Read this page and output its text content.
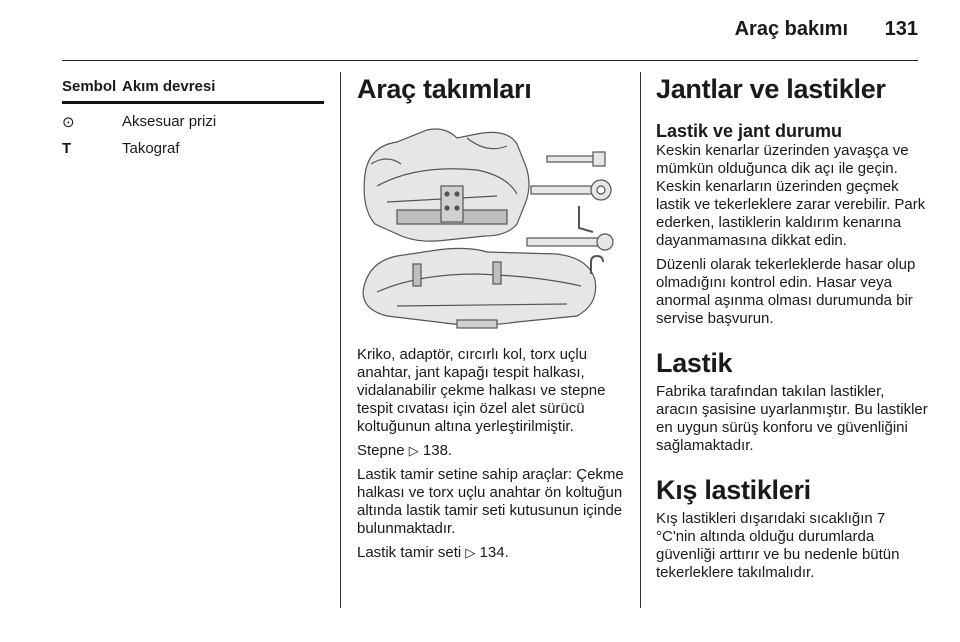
Araç bakımı 131
Sembol Akım devresi
⊙	Aksesuar prizi
T	Takograf
Araç takımları

Kriko, adaptör, cırcırlı kol, torx uçlu anahtar, jant kapağı tespit halkası, vidalanabilir çekme halkası ve stepne tespit cıvatası için özel alet sürücü koltuğunun altına yerleştirilmiştir.

Stepne ▷ 138.

Lastik tamir setine sahip araçlar: Çekme halkası ve torx uçlu anahtar ön koltuğun altında lastik tamir seti kutusunun içinde bulunmaktadır.

Lastik tamir seti ▷ 134.

Jantlar ve lastikler
Lastik ve jant durumu

Keskin kenarlar üzerinden yavaşça ve mümkün olduğunca dik açı ile geçin. Keskin kenarların üzerinden geçmek lastik ve tekerleklere zarar verebilir. Park ederken, lastiklerin kaldırım kenarına dayanmamasına dikkat edin.

Düzenli olarak tekerleklerde hasar olup olmadığını kontrol edin. Hasar veya anormal aşınma olması durumunda bir servise başvurun.

Lastik

Fabrika tarafından takılan lastikler, aracın şasisine uyarlanmıştır. Bu lastikler en uygun sürüş konforu ve güvenliğini sağlamaktadır.

Kış lastikleri

Kış lastikleri dışarıdaki sıcaklığın 7 °C'nin altında olduğu durumlarda güvenliği arttırır ve bu nedenle bütün tekerleklere takılmalıdır.
